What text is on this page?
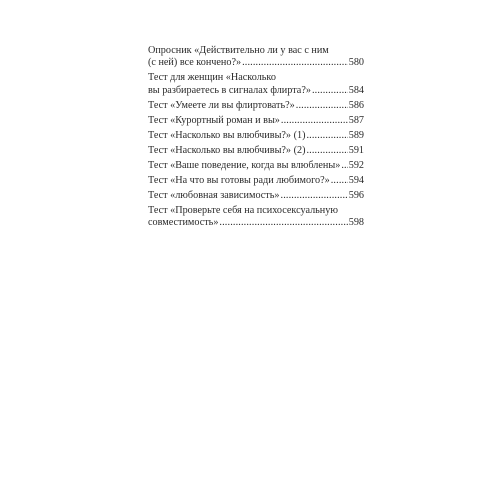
Опросник «Действительно ли у вас с ним
(с ней) все кончено?» . . .	580
Тест для женщин «Насколько
вы разбираетесь в сигналах флирта?» . . .	584
Тест «Умеете ли вы флиртовать?» . . .	586
Тест «Курортный роман и вы» . . .	587
Тест «Насколько вы влюбчивы?» (1) . . .	589
Тест «Насколько вы влюбчивы?» (2) . . .	591
Тест «Ваше поведение, когда вы влюблены» . . . 592
Тест «На что вы готовы ради любимого?» . . . 594
Тест «любовная зависимость» . . .	596
Тест «Проверьте себя на психосексуальную
совместимость» . . .	598
